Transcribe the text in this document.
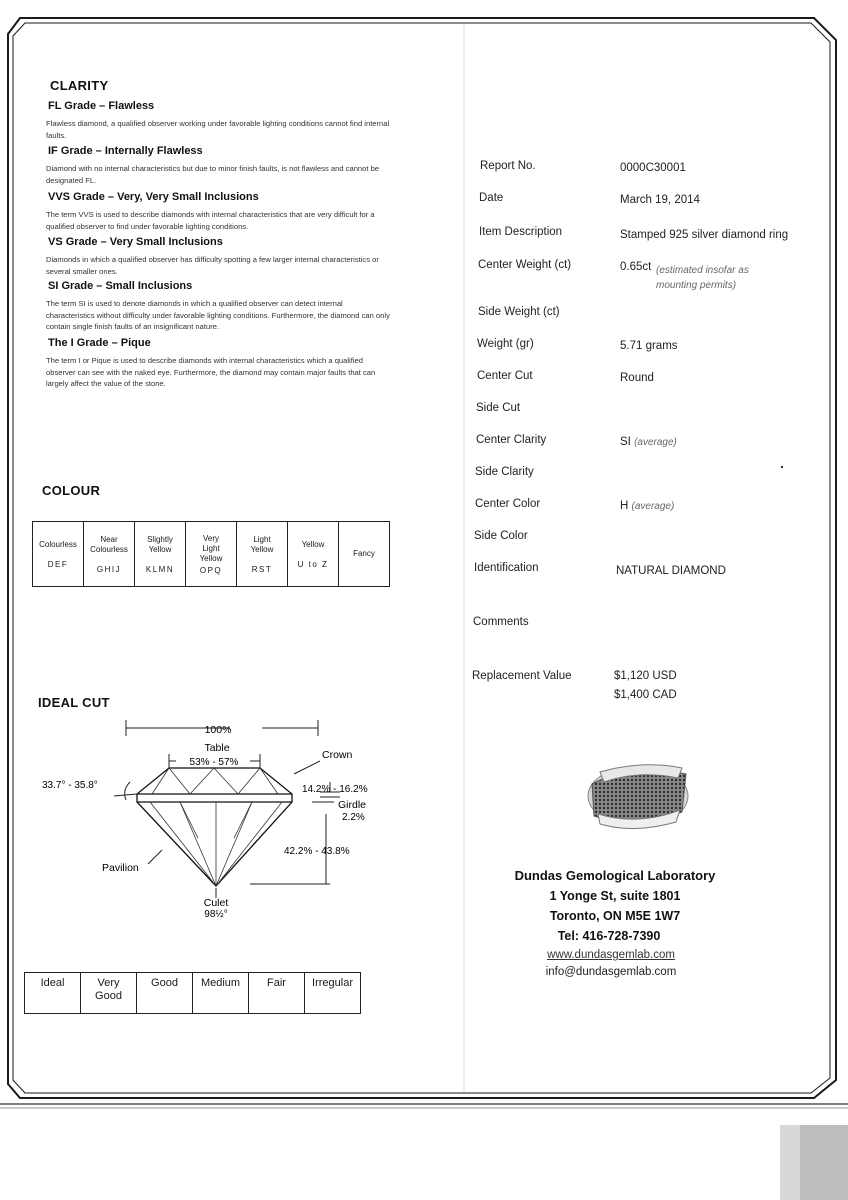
CLARITY

FL Grade – Flawless

Flawless diamond, a qualified observer working under favorable lighting conditions cannot find internal faults.

IF Grade – Internally Flawless

Diamond with no internal characteristics but due to minor finish faults, is not flawless and cannot be designated FL.

VVS Grade – Very, Very Small Inclusions

The term VVS is used to describe diamonds with internal characteristics that are very difficult for a qualified observer to find under favorable lighting conditions.

VS Grade – Very Small Inclusions

Diamonds in which a qualified observer has difficulty spotting a few larger internal characteristics or several smaller ones.

SI Grade – Small Inclusions

The term SI is used to denote diamonds in which a qualified observer can detect internal characteristics without difficulty under favorable lighting conditions. Furthermore, the diamond can only contain single finish faults of an insignificant nature.

The I Grade – Pique

The term I or Pique is used to describe diamonds with internal characteristics which a qualified observer can see with the naked eye. Furthermore, the diamond may contain major faults that can largely affect the value of the stone.

COLOUR
Colourless
DEF

Near
Colourless
GHIJ

Slightly
Yellow
KLMN

Very
Light
Yellow
OPQ

Light
Yellow
RST

Yellow
U to Z

Fancy
IDEAL CUT
100%
Table
53% - 57%
Crown
33.7° - 35.8°	14.2% - 16.2%
Girdle
2.2%
42.2% - 43.8%
Pavilion
Culet
98½°
Ideal	Very
Good	Good	Medium	Fair	Irregular
Report No.	0000C30001
Date	March 19, 2014
Item Description	Stamped 925 silver diamond ring
Center Weight (ct)	0.65ct (estimated insofar as mounting permits)
Side Weight (ct)
Weight (gr)	5.71 grams
Center Cut	Round
Side Cut
Center Clarity	SI (average)
Side Clarity
Center Color	H (average)
Side Color
Identification	NATURAL DIAMOND
Comments
Replacement Value	$1,120 USD
$1,400 CAD
Dundas Gemological Laboratory
1 Yonge St, suite 1801
Toronto, ON M5E 1W7
Tel: 416-728-7390
www.dundasgemlab.com
info@dundasgemlab.com
